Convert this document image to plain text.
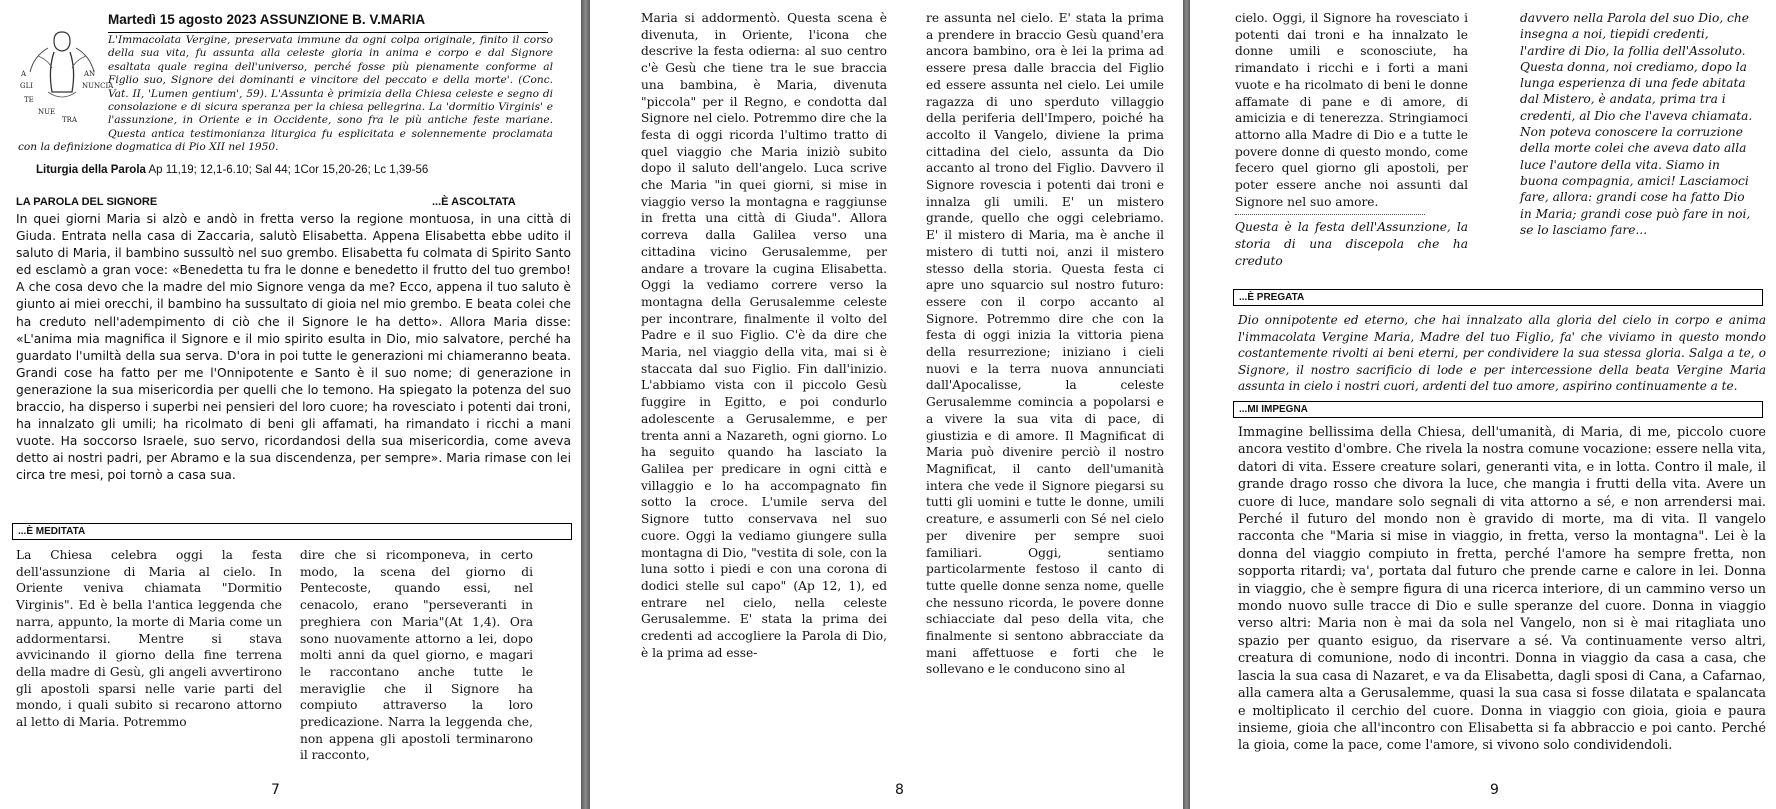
Martedì 15 agosto 2023 ASSUNZIONE B. V.MARIA
A
GLI
AN
NUNCIA
TE
NUE
TRA
L'Immacolata Vergine, preservata immune da ogni colpa originale, finito il corso della sua vita, fu assunta alla celeste gloria in anima e corpo e dal Signore esaltata quale regina dell'universo, perché fosse più pienamente conforme al Figlio suo, Signore dei dominanti e vincitore del peccato e della morte'. (Conc. Vat. II, 'Lumen gentium', 59). L'Assunta è primizia della Chiesa celeste e segno di consolazione e di sicura speranza per la chiesa pellegrina. La 'dormitio Virginis' e l'assunzione, in Oriente e in Occidente, sono fra le più antiche feste mariane. Questa antica testimonianza liturgica fu esplicitata e solennemente proclamata con la definizione dogmatica di Pio XII nel 1950.
Liturgia della Parola Ap 11,19; 12,1-6.10; Sal 44; 1Cor 15,20-26; Lc 1,39-56
LA PAROLA DEL SIGNORE	...È ASCOLTATA
In quei giorni Maria si alzò e andò in fretta verso la regione montuosa, in una città di Giuda. Entrata nella casa di Zaccaria, salutò Elisabetta. Appena Elisabetta ebbe udito il saluto di Maria, il bambino sussultò nel suo grembo. Elisabetta fu colmata di Spirito Santo ed esclamò a gran voce: «Benedetta tu fra le donne e benedetto il frutto del tuo grembo! A che cosa devo che la madre del mio Signore venga da me? Ecco, appena il tuo saluto è giunto ai miei orecchi, il bambino ha sussultato di gioia nel mio grembo. E beata colei che ha creduto nell'adempimento di ciò che il Signore le ha detto». Allora Maria disse: «L'anima mia magnifica il Signore e il mio spirito esulta in Dio, mio salvatore, perché ha guardato l'umiltà della sua serva. D'ora in poi tutte le generazioni mi chiameranno beata. Grandi cose ha fatto per me l'Onnipotente e Santo è il suo nome; di generazione in generazione la sua misericordia per quelli che lo temono. Ha spiegato la potenza del suo braccio, ha disperso i superbi nei pensieri del loro cuore; ha rovesciato i potenti dai troni, ha innalzato gli umili; ha ricolmato di beni gli affamati, ha rimandato i ricchi a mani vuote. Ha soccorso Israele, suo servo, ricordandosi della sua misericordia, come aveva detto ai nostri padri, per Abramo e la sua discendenza, per sempre». Maria rimase con lei circa tre mesi, poi tornò a casa sua.
...È MEDITATA
La Chiesa celebra oggi la festa dell'assunzione di Maria al cielo. In Oriente veniva chiamata "Dormitio Virginis". Ed è bella l'antica leggenda che narra, appunto, la morte di Maria come un addormentarsi. Mentre si stava avvicinando il giorno della fine terrena della madre di Gesù, gli angeli avvertirono gli apostoli sparsi nelle varie parti del mondo, i quali subito si recarono attorno al letto di Maria. Potremmo
dire che si ricomponeva, in certo modo, la scena del giorno di Pentecoste, quando essi, nel cenacolo, erano "perseveranti in preghiera con Maria"(At 1,4). Ora sono nuovamente attorno a lei, dopo molti anni da quel giorno, e magari le raccontano anche tutte le meraviglie che il Signore ha compiuto attraverso la loro predicazione. Narra la leggenda che, non appena gli apostoli terminarono il racconto,
7
Maria si addormentò. Questa scena è divenuta, in Oriente, l'icona che descrive la festa odierna: al suo centro c'è Gesù che tiene tra le sue braccia una bambina, è Maria, divenuta "piccola" per il Regno, e condotta dal Signore nel cielo. Potremmo dire che la festa di oggi ricorda l'ultimo tratto di quel viaggio che Maria iniziò subito dopo il saluto dell'angelo. Luca scrive che Maria "in quei giorni, si mise in viaggio verso la montagna e raggiunse in fretta una città di Giuda". Allora correva dalla Galilea verso una cittadina vicino Gerusalemme, per andare a trovare la cugina Elisabetta. Oggi la vediamo correre verso la montagna della Gerusalemme celeste per incontrare, finalmente il volto del Padre e il suo Figlio. C'è da dire che Maria, nel viaggio della vita, mai si è staccata dal suo Figlio. Fin dall'inizio. L'abbiamo vista con il piccolo Gesù fuggire in Egitto, e poi condurlo adolescente a Gerusalemme, e per trenta anni a Nazareth, ogni giorno. Lo ha seguito quando ha lasciato la Galilea per predicare in ogni città e villaggio e lo ha accompagnato fin sotto la croce. L'umile serva del Signore tutto conservava nel suo cuore. Oggi la vediamo giungere sulla montagna di Dio, "vestita di sole, con la luna sotto i piedi e con una corona di dodici stelle sul capo" (Ap 12, 1), ed entrare nel cielo, nella celeste Gerusalemme. E' stata la prima dei credenti ad accogliere la Parola di Dio, è la prima ad esse-
re assunta nel cielo. E' stata la prima a prendere in braccio Gesù quand'era ancora bambino, ora è lei la prima ad essere presa dalle braccia del Figlio ed essere assunta nel cielo. Lei umile ragazza di uno sperduto villaggio della periferia dell'Impero, poiché ha accolto il Vangelo, diviene la prima cittadina del cielo, assunta da Dio accanto al trono del Figlio. Davvero il Signore rovescia i potenti dai troni e innalza gli umili. E' un mistero grande, quello che oggi celebriamo. E' il mistero di Maria, ma è anche il mistero di tutti noi, anzi il mistero stesso della storia. Questa festa ci apre uno squarcio sul nostro futuro: essere con il corpo accanto al Signore. Potremmo dire che con la festa di oggi inizia la vittoria piena della resurrezione; iniziano i cieli nuovi e la terra nuova annunciati dall'Apocalisse, la celeste Gerusalemme comincia a popolarsi e a vivere la sua vita di pace, di giustizia e di amore. Il Magnificat di Maria può divenire perciò il nostro Magnificat, il canto dell'umanità intera che vede il Signore piegarsi su tutti gli uomini e tutte le donne, umili creature, e assumerli con Sé nel cielo per divenire per sempre suoi familiari. Oggi, sentiamo particolarmente festoso il canto di tutte quelle donne senza nome, quelle che nessuno ricorda, le povere donne schiacciate dal peso della vita, che finalmente si sentono abbracciate da mani affettuose e forti che le sollevano e le conducono sino al
8
cielo. Oggi, il Signore ha rovesciato i potenti dai troni e ha innalzato le donne umili e sconosciute, ha rimandato i ricchi e i forti a mani vuote e ha ricolmato di beni le donne affamate di pane e di amore, di amicizia e di tenerezza. Stringiamoci attorno alla Madre di Dio e a tutte le povere donne di questo mondo, come fecero quel giorno gli apostoli, per poter essere anche noi assunti dal Signore nel suo amore.
Questa è la festa dell'Assunzione, la storia di una discepola che ha creduto
davvero nella Parola del suo Dio, che insegna a noi, tiepidi credenti, l'ardire di Dio, la follia dell'Assoluto. Questa donna, noi crediamo, dopo la lunga esperienza di una fede abitata dal Mistero, è andata, prima tra i credenti, al Dio che l'aveva chiamata. Non poteva conoscere la corruzione della morte colei che aveva dato alla luce l'autore della vita. Siamo in buona compagnia, amici! Lasciamoci fare, allora: grandi cose ha fatto Dio in Maria; grandi cose può fare in noi, se lo lasciamo fare...
...È PREGATA
...MI IMPEGNA
9
Dio onnipotente ed eterno, che hai innalzato alla gloria del cielo in corpo e anima l'immacolata Vergine Maria, Madre del tuo Figlio, fa' che viviamo in questo mondo costantemente rivolti ai beni eterni, per condividere la sua stessa gloria. Salga a te, o Signore, il nostro sacrificio di lode e per intercessione della beata Vergine Maria assunta in cielo i nostri cuori, ardenti del tuo amore, aspirino continuamente a te.
Immagine bellissima della Chiesa, dell'umanità, di Maria, di me, piccolo cuore ancora vestito d'ombre. Che rivela la nostra comune vocazione: essere nella vita, datori di vita. Essere creature solari, generanti vita, e in lotta. Contro il male, il grande drago rosso che divora la luce, che mangia i frutti della vita. Avere un cuore di luce, mandare solo segnali di vita attorno a sé, e non arrendersi mai. Perché il futuro del mondo non è gravido di morte, ma di vita. Il vangelo racconta che "Maria si mise in viaggio, in fretta, verso la montagna". Lei è la donna del viaggio compiuto in fretta, perché l'amore ha sempre fretta, non sopporta ritardi; va', portata dal futuro che prende carne e calore in lei. Donna in viaggio, che è sempre figura di una ricerca interiore, di un cammino verso un mondo nuovo sulle tracce di Dio e sulle speranze del cuore. Donna in viaggio verso altri: Maria non è mai da sola nel Vangelo, non si è mai ritagliata uno spazio per quanto esiguo, da riservare a sé. Va continuamente verso altri, creatura di comunione, nodo di incontri. Donna in viaggio da casa a casa, che lascia la sua casa di Nazaret, e va da Elisabetta, dagli sposi di Cana, a Cafarnao, alla camera alta a Gerusalemme, quasi la sua casa si fosse dilatata e spalancata e moltiplicato il cerchio del cuore. Donna in viaggio con gioia, gioia e paura insieme, gioia che all'incontro con Elisabetta si fa abbraccio e poi canto. Perché la gioia, come la pace, come l'amore, si vivono solo condividendoli.
